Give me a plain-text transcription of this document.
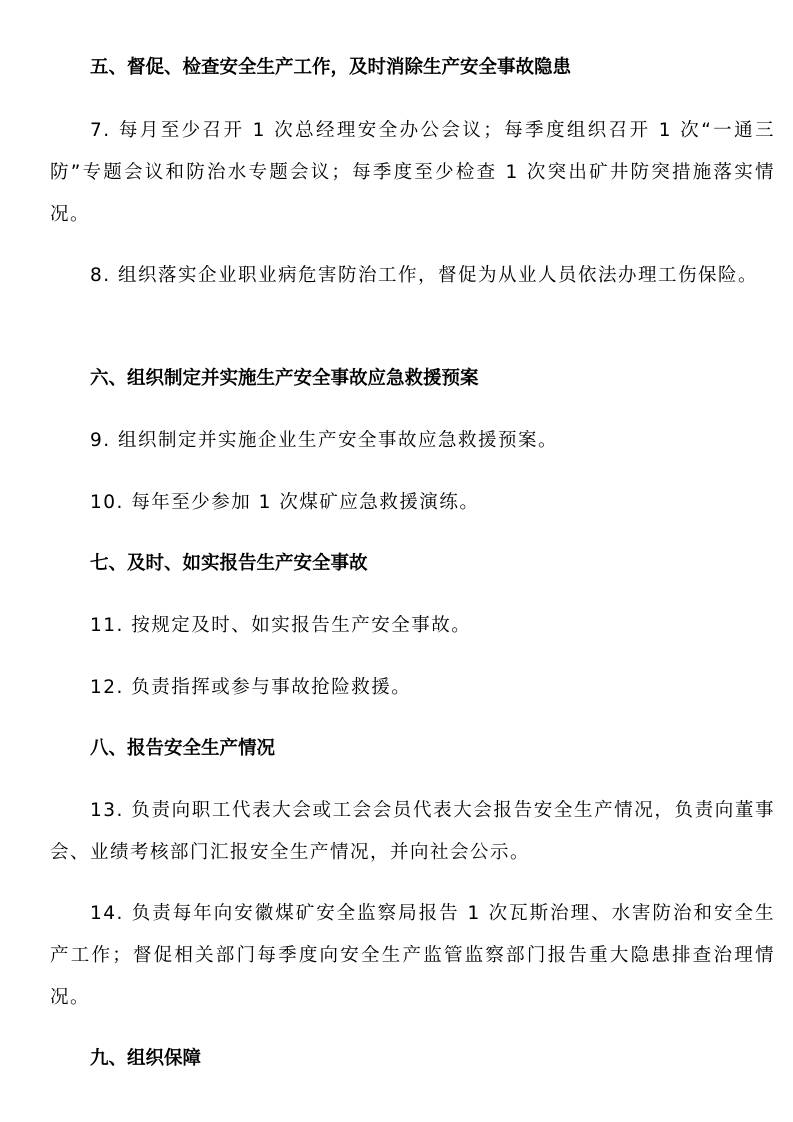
五、督促、检查安全生产工作，及时消除生产安全事故隐患

7. 每月至少召开 1 次总经理安全办公会议；每季度组织召开 1 次“一通三防”专题会议和防治水专题会议；每季度至少检查 1 次突出矿井防突措施落实情况。

8. 组织落实企业职业病危害防治工作，督促为从业人员依法办理工伤保险。

六、组织制定并实施生产安全事故应急救援预案

9. 组织制定并实施企业生产安全事故应急救援预案。

10. 每年至少参加 1 次煤矿应急救援演练。

七、及时、如实报告生产安全事故

11. 按规定及时、如实报告生产安全事故。

12. 负责指挥或参与事故抢险救援。

八、报告安全生产情况

13. 负责向职工代表大会或工会会员代表大会报告安全生产情况，负责向董事会、业绩考核部门汇报安全生产情况，并向社会公示。

14. 负责每年向安徽煤矿安全监察局报告 1 次瓦斯治理、水害防治和安全生产工作；督促相关部门每季度向安全生产监管监察部门报告重大隐患排查治理情况。

九、组织保障
